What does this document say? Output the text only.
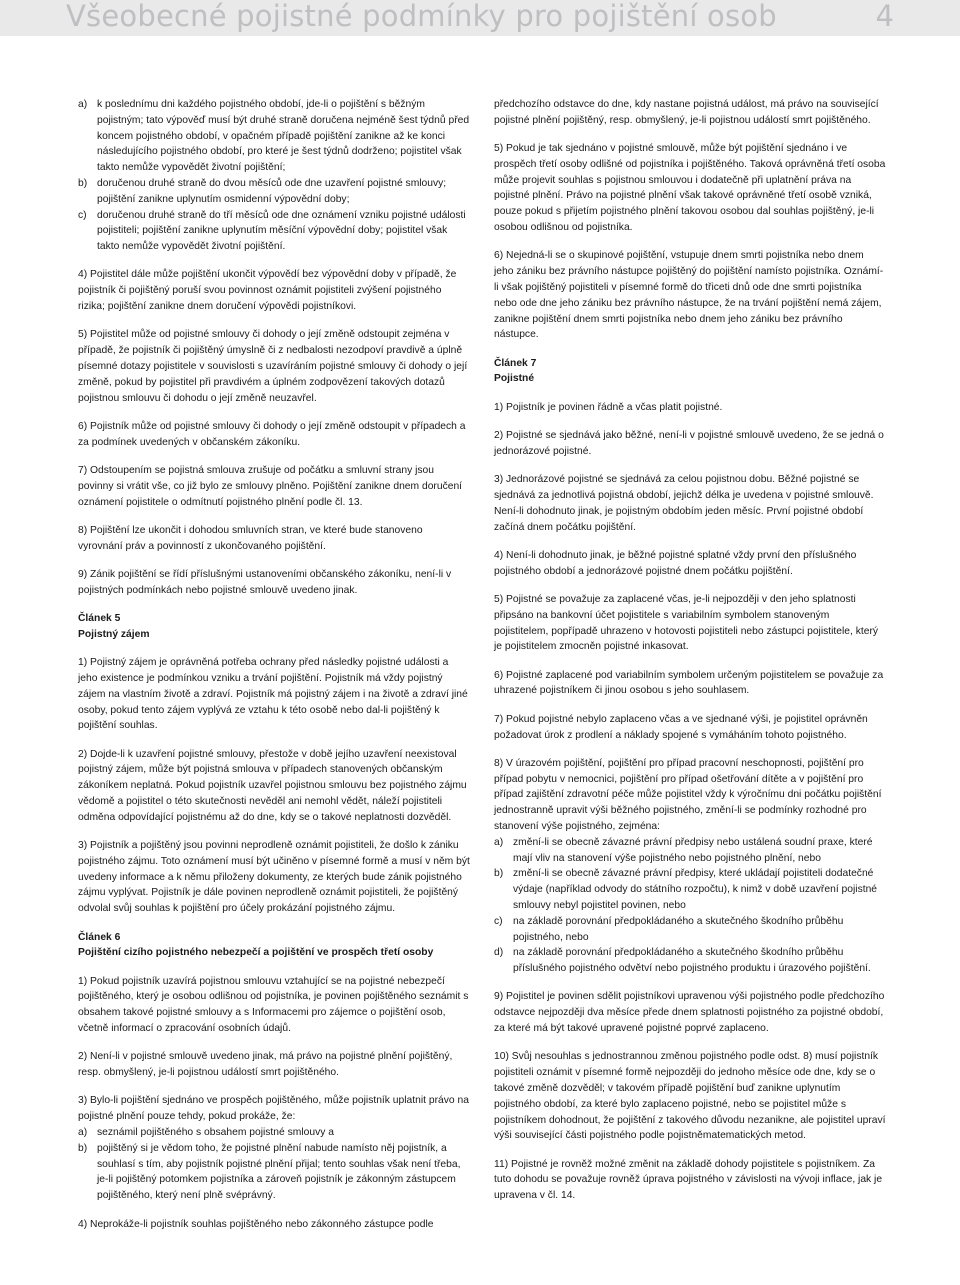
Všeobecné pojistné podmínky pro pojištění osob	4
a) k poslednímu dni každého pojistného období, jde-li o pojištění s běžným pojistným; tato výpověď musí být druhé straně doručena nejméně šest týdnů před koncem pojistného období, v opačném případě pojištění zanikne až ke konci následujícího pojistného období, pro které je šest týdnů dodrženo; pojistitel však takto nemůže vypovědět životní pojištění;

b) doručenou druhé straně do dvou měsíců ode dne uzavření pojistné smlouvy; pojištění zanikne uplynutím osmidenní výpovědní doby;

c) doručenou druhé straně do tří měsíců ode dne oznámení vzniku pojistné události pojistiteli; pojištění zanikne uplynutím měsíční výpovědní doby; pojistitel však takto nemůže vypovědět životní pojištění.

4) Pojistitel dále může pojištění ukončit výpovědí bez výpovědní doby v případě, že pojistník či pojištěný poruší svou povinnost oznámit pojistiteli zvýšení pojistného rizika; pojištění zanikne dnem doručení výpovědi pojistníkovi.

5) Pojistitel může od pojistné smlouvy či dohody o její změně odstoupit zejména v případě, že pojistník či pojištěný úmyslně či z nedbalosti nezodpoví pravdivě a úplně písemné dotazy pojistitele v souvislosti s uzavíráním pojistné smlouvy či dohody o její změně, pokud by pojistitel při pravdivém a úplném zodpovězení takových dotazů pojistnou smlouvu či dohodu o její změně neuzavřel.

6) Pojistník může od pojistné smlouvy či dohody o její změně odstoupit v případech a za podmínek uvedených v občanském zákoníku.

7) Odstoupením se pojistná smlouva zrušuje od počátku a smluvní strany jsou povinny si vrátit vše, co již bylo ze smlouvy plněno. Pojištění zanikne dnem doručení oznámení pojistitele o odmítnutí pojistného plnění podle čl. 13.

8) Pojištění lze ukončit i dohodou smluvních stran, ve které bude stanoveno vyrovnání práv a povinností z ukončovaného pojištění.

9) Zánik pojištění se řídí příslušnými ustanoveními občanského zákoníku, není-li v pojistných podmínkách nebo pojistné smlouvě uvedeno jinak.

Článek 5

Pojistný zájem

1) Pojistný zájem je oprávněná potřeba ochrany před následky pojistné události a jeho existence je podmínkou vzniku a trvání pojištění. Pojistník má vždy pojistný zájem na vlastním životě a zdraví. Pojistník má pojistný zájem i na životě a zdraví jiné osoby, pokud tento zájem vyplývá ze vztahu k této osobě nebo dal-li pojištěný k pojištění souhlas.

2) Dojde-li k uzavření pojistné smlouvy, přestože v době jejího uzavření neexistoval pojistný zájem, může být pojistná smlouva v případech stanovených občanským zákoníkem neplatná. Pokud pojistník uzavřel pojistnou smlouvu bez pojistného zájmu vědomě a pojistitel o této skutečnosti nevěděl ani nemohl vědět, náleží pojistiteli odměna odpovídající pojistnému až do dne, kdy se o takové neplatnosti dozvěděl.

3) Pojistník a pojištěný jsou povinni neprodleně oznámit pojistiteli, že došlo k zániku pojistného zájmu. Toto oznámení musí být učiněno v písemné formě a musí v něm být uvedeny informace a k němu přiloženy dokumenty, ze kterých bude zánik pojistného zájmu vyplývat. Pojistník je dále povinen neprodleně oznámit pojistiteli, že pojištěný odvolal svůj souhlas k pojištění pro účely prokázání pojistného zájmu.

Článek 6

Pojištění cizího pojistného nebezpečí a pojištění ve prospěch třetí osoby

1) Pokud pojistník uzavírá pojistnou smlouvu vztahující se na pojistné nebezpečí pojištěného, který je osobou odlišnou od pojistníka, je povinen pojištěného seznámit s obsahem takové pojistné smlouvy a s Informacemi pro zájemce o pojištění osob, včetně informací o zpracování osobních údajů.

2) Není-li v pojistné smlouvě uvedeno jinak, má právo na pojistné plnění pojištěný, resp. obmyšlený, je-li pojistnou událostí smrt pojištěného.

3) Bylo-li pojištění sjednáno ve prospěch pojištěného, může pojistník uplatnit právo na pojistné plnění pouze tehdy, pokud prokáže, že:

a) seznámil pojištěného s obsahem pojistné smlouvy a

b) pojištěný si je vědom toho, že pojistné plnění nabude namísto něj pojistník, a souhlasí s tím, aby pojistník pojistné plnění přijal; tento souhlas však není třeba, je-li pojištěný potomkem pojistníka a zároveň pojistník je zákonným zástupcem pojištěného, který není plně svéprávný.

4) Neprokáže-li pojistník souhlas pojištěného nebo zákonného zástupce podle

předchozího odstavce do dne, kdy nastane pojistná událost, má právo na související pojistné plnění pojištěný, resp. obmyšlený, je-li pojistnou událostí smrt pojištěného.

5) Pokud je tak sjednáno v pojistné smlouvě, může být pojištění sjednáno i ve prospěch třetí osoby odlišné od pojistníka i pojištěného. Taková oprávněná třetí osoba může projevit souhlas s pojistnou smlouvou i dodatečně při uplatnění práva na pojistné plnění. Právo na pojistné plnění však takové oprávněné třetí osobě vzniká, pouze pokud s přijetím pojistného plnění takovou osobou dal souhlas pojištěný, je-li osobou odlišnou od pojistníka.

6) Nejedná-li se o skupinové pojištění, vstupuje dnem smrti pojistníka nebo dnem jeho zániku bez právního nástupce pojištěný do pojištění namísto pojistníka. Oznámí-li však pojištěný pojistiteli v písemné formě do třiceti dnů ode dne smrti pojistníka nebo ode dne jeho zániku bez právního nástupce, že na trvání pojištění nemá zájem, zanikne pojištění dnem smrti pojistníka nebo dnem jeho zániku bez právního nástupce.

Článek 7

Pojistné

1) Pojistník je povinen řádně a včas platit pojistné.

2) Pojistné se sjednává jako běžné, není-li v pojistné smlouvě uvedeno, že se jedná o jednorázové pojistné.

3) Jednorázové pojistné se sjednává za celou pojistnou dobu. Běžné pojistné se sjednává za jednotlivá pojistná období, jejichž délka je uvedena v pojistné smlouvě. Není-li dohodnuto jinak, je pojistným obdobím jeden měsíc. První pojistné období začíná dnem počátku pojištění.

4) Není-li dohodnuto jinak, je běžné pojistné splatné vždy první den příslušného pojistného období a jednorázové pojistné dnem počátku pojištění.

5) Pojistné se považuje za zaplacené včas, je-li nejpozději v den jeho splatnosti připsáno na bankovní účet pojistitele s variabilním symbolem stanoveným pojistitelem, popřípadě uhrazeno v hotovosti pojistiteli nebo zástupci pojistitele, který je pojistitelem zmocněn pojistné inkasovat.

6) Pojistné zaplacené pod variabilním symbolem určeným pojistitelem se považuje za uhrazené pojistníkem či jinou osobou s jeho souhlasem.

7) Pokud pojistné nebylo zaplaceno včas a ve sjednané výši, je pojistitel oprávněn požadovat úrok z prodlení a náklady spojené s vymáháním tohoto pojistného.

8) V úrazovém pojištění, pojištění pro případ pracovní neschopnosti, pojištění pro případ pobytu v nemocnici, pojištění pro případ ošetřování dítěte a v pojištění pro případ zajištění zdravotní péče může pojistitel vždy k výročnímu dni počátku pojištění jednostranně upravit výši běžného pojistného, změní-li se podmínky rozhodné pro stanovení výše pojistného, zejména:

a) změní-li se obecně závazné právní předpisy nebo ustálená soudní praxe, které mají vliv na stanovení výše pojistného nebo pojistného plnění, nebo

b) změní-li se obecně závazné právní předpisy, které ukládají pojistiteli dodatečné výdaje (například odvody do státního rozpočtu), k nimž v době uzavření pojistné smlouvy nebyl pojistitel povinen, nebo

c) na základě porovnání předpokládaného a skutečného škodního průběhu pojistného, nebo

d) na základě porovnání předpokládaného a skutečného škodního průběhu příslušného pojistného odvětví nebo pojistného produktu i úrazového pojištění.

9) Pojistitel je povinen sdělit pojistníkovi upravenou výši pojistného podle předchozího odstavce nejpozději dva měsíce přede dnem splatnosti pojistného za pojistné období, za které má být takové upravené pojistné poprvé zaplaceno.

10) Svůj nesouhlas s jednostrannou změnou pojistného podle odst. 8) musí pojistník pojistiteli oznámit v písemné formě nejpozději do jednoho měsíce ode dne, kdy se o takové změně dozvěděl; v takovém případě pojištění buď zanikne uplynutím pojistného období, za které bylo zaplaceno pojistné, nebo se pojistitel může s pojistníkem dohodnout, že pojištění z takového důvodu nezanikne, ale pojistitel upraví výši související části pojistného podle pojistněmatematických metod.

11) Pojistné je rovněž možné změnit na základě dohody pojistitele s pojistníkem. Za tuto dohodu se považuje rovněž úprava pojistného v závislosti na vývoji inflace, jak je upravena v čl. 14.
